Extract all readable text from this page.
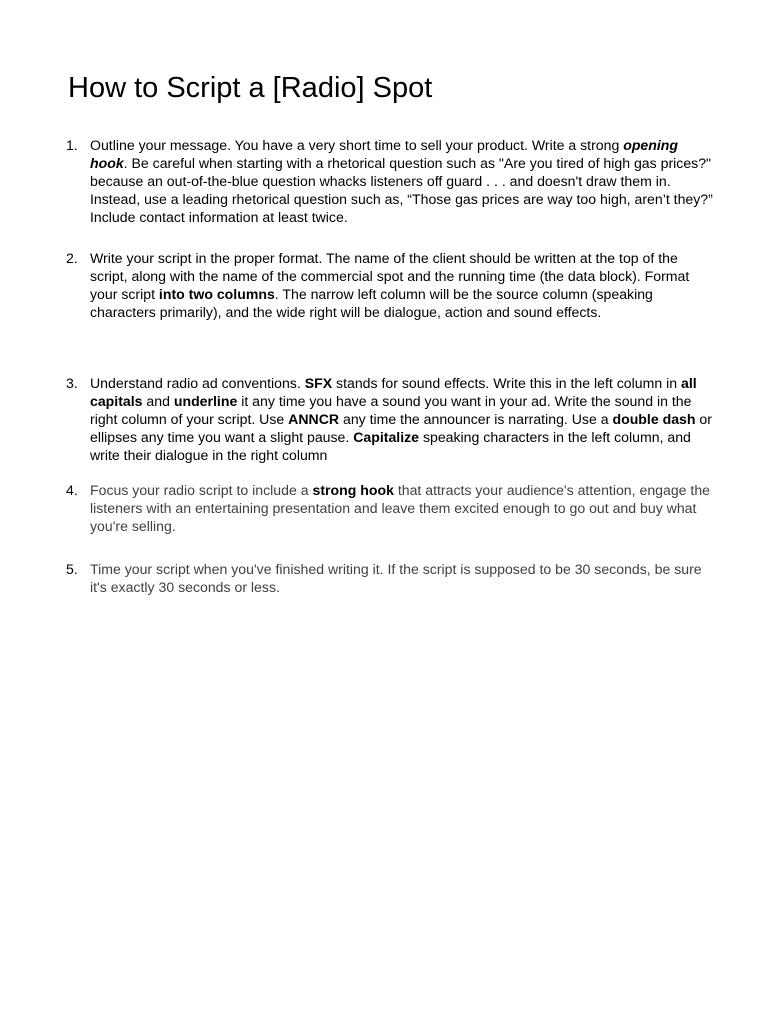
How to Script a [Radio] Spot
1. Outline your message. You have a very short time to sell your product. Write a strong opening hook. Be careful when starting with a rhetorical question such as "Are you tired of high gas prices?" because an out-of-the-blue question whacks listeners off guard . . . and doesn't draw them in. Instead, use a leading rhetorical question such as, “Those gas prices are way too high, aren’t they?” Include contact information at least twice.
2. Write your script in the proper format. The name of the client should be written at the top of the script, along with the name of the commercial spot and the running time (the data block). Format your script into two columns. The narrow left column will be the source column (speaking characters primarily), and the wide right will be dialogue, action and sound effects.
3. Understand radio ad conventions. SFX stands for sound effects. Write this in the left column in all capitals and underline it any time you have a sound you want in your ad. Write the sound in the right column of your script. Use ANNCR any time the announcer is narrating. Use a double dash or ellipses any time you want a slight pause. Capitalize speaking characters in the left column, and write their dialogue in the right column
4. Focus your radio script to include a strong hook that attracts your audience's attention, engage the listeners with an entertaining presentation and leave them excited enough to go out and buy what you're selling.
5. Time your script when you've finished writing it. If the script is supposed to be 30 seconds, be sure it's exactly 30 seconds or less.
